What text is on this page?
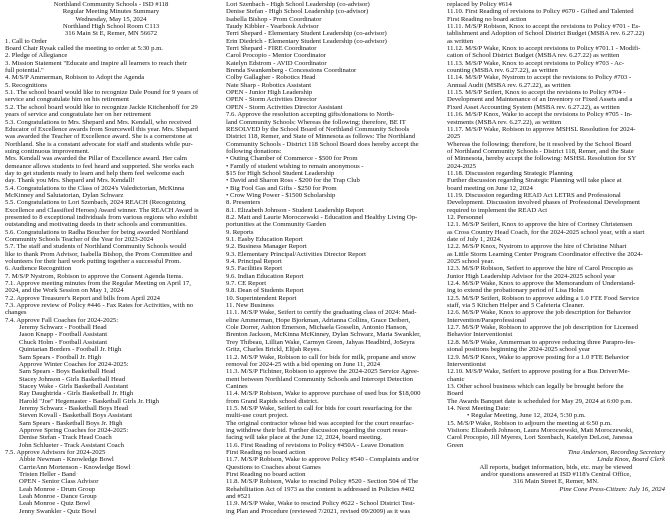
Northland Community Schools - ISD #118

Regular Meeting Minutes Summary

Wednesday, May 15, 2024

Northland High School Room C113

316 Main St E, Remer, MN 56672

1. Call to Order

Board Chair Rysak called the meeting to order at 5:30 p.m.

2. Pledge of Allegiance

3. Mission Statement "Educate and inspire all learners to reach their

full potential."

4. M/S/P Ammerman, Robison to Adopt the Agenda

5. Recognitions

5.1. The school board would like to recognize Dale Pound for 9 years of

service and congratulate him on his retirement

5.2. The school board would like to recognize Jackie Kitchenhoff for 29

years of service and congratulate her on her retirement

5.3. Congratulations to Mrs. Shepard and Mrs. Kendall, who received

Educator of Excellence awards from Sourcewell this year. Mrs. Shepard

was awarded the Teacher of Excellence award. She is a cornerstone at

Northland. She is a constant advocate for staff and students while pur-

suing continuous improvement.

Mrs. Kendall was awarded the Pillar of Excellence award. Her calm

demeanor allows students to feel heard and supported. She works each

day to get students ready to learn and help them feel welcome each

day. Thank you Mrs. Shepard and Mrs. Kendall!

5.4. Congratulations to the Class of 2024's Valedictorian, McKinna

McKinney and Salutatorian, Dylan Schwarz

5.5. Congratulations to Lori Szenbach, 2024 REACH (Recognizing

Excellence and Classified Heroes) Award winner. The REACH Award is

presented to 8 exceptional individuals from various regions who exhibit

outstanding and motivating deeds in their schools and communities.

5.6. Congratulations to Radha Boucher for being awarded Northland

Community Schools Teacher of the Year for 2023-2024

5.7. The staff and students of Northland Community Schools would

like to thank Prom Advisor, Isabella Bishop, the Prom Committee and

volunteers for their hard work putting together a successful Prom.

6. Audience Recognition

7. M/S/P Nystrom, Robison to approve the Consent Agenda Items.

7.1. Approve meeting minutes from the Regular Meeting on April 17,

2024, and the Work Session on May 1, 2024

7.2. Approve Treasurer's Report and bills from April 2024

7.3. Approve review of Policy #446 - Fax Rates for Activities, with no

changes

7.4. Approve Fall Coaches for 2024-2025:

Jeremy Schwarz - Football Head

Jason Knapp - Football Assistant

Chuck Holm - Football Assistant

Quintarian Borders - Football Jr. High

Sam Spears - Football Jr. High

Approve Winter Coaches for 2024-2025:

Sam Spears - Boys Basketball Head

Stacey Johnson - Girls Basketball Head

Stacey Wake - Girls Basketball Assistant

Ray Daughtrida - Girls Basketball Jr. High

Harold "Joe" Hegemaster - Basketball Girls Jr. High

Jeremy Schwarz - Basketball Boys Head

Steven Kovall - Basketball Boys Assistant

Sam Spears - Basketball Boys Jr. High

Approve Spring Coaches for 2024-2025:

Denise Stefan - Track Head Coach

John Schlueter - Track Assistant Coach

7.5. Approve Advisors for 2024-2025

Abbie Newman - Knowledge Bowl

CarrieAnn Mortenson - Knowledge Bowl

Tristen Heller - Band

OPEN - Senior Class Advisor

Leah Monroe - Drum Group

Leah Monroe - Dance Group

Leah Monroe - Quiz Bowl

Jenny Swankler - Quiz Bowl

Lori Szenbach - High School Leadership (co-advisor)

Denise Stefan - High School Leadership (co-advisor)

Isabella Bishop - Prom Coordinator

Taudy Kibbler - Yearbook Advisor

Terri Shepard - Elementary Student Leadership (co-advisor)

Erin Diedrich - Elementary Student Leadership (co-advisor)

Terri Shepard - FIRE Coordinator

Carol Procopio - Mentor Coordinator

Katelyn Edstrom - AVID Coordinator

Brenda Swankenberg - Concessions Coordinator

Colby Gallagher - Robotics Head

Nate Sharp - Robotics Assistant

OPEN - Junior High Leadership

OPEN - Storm Activities Director

OPEN - Storm Activities Director Assistant

7.6. Approve the resolution accepting gifts/donations to North-

land Community Schools: Whereas the following; therefore, BE IT

RESOLVED by the School Board of Northland Community Schools

District 118, Remer, and State of Minnesota as follows: The Northland

Community Schools - District 118 School Board does hereby accept the

following donations:

• Outing Chamber of Commerce - $500 for Prom

• Family of student wishing to remain anonymous -

$15 for High School Student Leadership

• David and Sharon Ross - $200 for the Trap Club

• Big Fool Gas and Gifts - $250 for Prom

• Crow Wing Power - $1500 Scholarship

8. Presenters

8.1. Elizabeth Johnson - Student Leadership Report

8.2. Matt and Laurie Moroczewski - Education and Healthy Living Op-

portunities at the Community Garden

9. Reports

9.1. Easby Education Report

9.2. Business Manager Report

9.3. Elementary Principal/Activities Director Report

9.4. Principal Report

9.5. Facilities Report

9.6. Indian Education Report

9.7. CE Report

9.8. Dean of Students Report

10. Superintendent Report

11. New Business

11.1. M/S/P Wake, Seifert to certify the graduating class of 2024: Mad-

eline Ammerman, Hope Bjorkman, Adrianna Collins, Grace Deibert,

Cole Dorrer, Ashton Emerson, Michaela Gosselin, Antonio Hanson,

Brenton Jackson, McKinna McKinney, Dylan Schwarz, Maria Swankler,

Trey Thibeau, Lillian Wake, Carmyn Green, Jahyas Headbird, JoSeyra

Gritz, Charles Brickl, Elijah Reyes.

11.2. M/S/P Wake, Robison to call for bids for milk, propane and snow

removal for 2024-25 with a bid opening on June 11, 2024

11.3. M/S/P Fichtner, Robison to approve the 2024-2025 Service Agree-

ment between Northland Community Schools and Intercept Detection

Canines

11.4. M/S/P Robison, Wake to approve purchase of used bus for $18,000

from Grand Rapids school district.

11.5. M/S/P Wake, Seifert to call for bids for court resurfacing for the

multi-use court project.

The original contractor whose bid was accepted for the court resurfac-

ing withdrew their bid. Further discussion regarding the court resur-

facing will take place at the June 12, 2024, board meeting.

11.6. First Reading of revisions to Policy #450A - Leave Donation

First Reading no board action

11.7. M/S/P Robison, Wake to approve Policy #540 - Complaints and/or

Questions to Coaches about Games

First Reading no board action

11.8. M/S/P Robison, Wake to rescind Policy #520 - Section 504 of The

Rehabilitation Act of 1973 as the content is addressed in Policies #402

and #521

11.9. M/S/P Wake, Wake to rescind Policy #622 - School District Test-

ing Plan and Procedure (reviewed 7/2021, revised 09/2009) as it was

replaced by Policy #614

11.10. First Reading of revisions to Policy #670 - Gifted and Talented

First Reading no board action

11.11. M/S/P Robison, Knox to accept the revisions to Policy #701 - Es-

tablishment and Adoption of School District Budget (MSBA rev. 6.27.22)

as written

11.12. M/S/P Wake, Knox to accept revisions to Policy #701.1 - Modifi-

cation of School District Budget (MSBA rev. 6.27.22) as written

11.13. M/S/P Wake, Knox to accept revisions to Policy #703 - Ac-

counting (MSBA rev. 6.27.22), as written

11.14. M/S/P Wake, Nystrom to accept the revisions to Policy #703 -

Annual Audit (MSBA rev. 6.27.22), as written

11.15. M/S/P Seifert, Knox to accept the revisions to Policy #704 -

Development and Maintenance of an Inventory or Fixed Assets and a

Fixed Asset Accounting System (MSBA rev. 6.27.22), as written

11.16. M/S/P Knox, Wake to accept the revisions to Policy #705 - In-

vestments (MSBA rev. 6.27.22), as written

11.17. M/S/P Wake, Robison to approve MSHSL Resolution for 2024-

2025

Whereas the following; therefore, be it resolved by the School Board

of Northland Community Schools - District 118, Remer, and the State

of Minnesota, hereby accept the following: MSHSL Resolution for SY

2024-2025

11.18. Discussion regarding Strategic Planning

Further discussion regarding Strategic Planning will take place at

board meeting on June 12, 2024

11.19. Discussion regarding READ Act LETRS and Professional

Development. Discussion involved phases of Professional Development

required to implement the READ Act

12. Personnel

12.1. M/S/P Seifert, Knox to approve the hire of Cortney Christensen

as Cross Country Head Coach, for the 2024-2025 school year, with a start

date of July 1, 2024.

12.2. M/S/P Knox, Nystrom to approve the hire of Christine Nihart

as Little Storm Learning Center Program Coordinator effective the 2024-

2025 school year.

12.3. M/S/P Robison, Seifert to approve the hire of Carol Procopio as

Junior High Leadership Advisor for the 2024-2025 school year

12.4. M/S/P Wake, Knox to approve the Memorandum of Understand-

ing to extend the probationary period of Lisa Holm

12.5. M/S/P Seifert, Robison to approve adding a 1.0 FTE Food Service

staff, via 5 Kitchen Helper and 5 Cafeteria Cleaner.

12.6. M/S/P Wake, Knox to approve the job description for Behavior

Intervention/Paraprofessional

12.7. M/S/P Wake, Robison to approve the job description for Licensed

Behavior Interventionist

12.8. M/S/P Wake, Ammerman to approve reducing three Parapro-fes-

sional positions beginning the 2024-2025 school year

12.9. M/S/P Knox, Wake to approve posting for a 1.0 FTE Behavior

Interventionist

12.10. M/S/P Wake, Seifert to approve posting for a Bus Driver/Me-

chanic

13. Other school business which can legally be brought before the

Board

The Awards Banquet date is scheduled for May 29, 2024 at 6:00 p.m.

14. Next Meeting Date:

• Regular Meeting, June 12, 2024, 5:30 p.m.

15. M/S/P Wake, Robison to adjourn the meeting at 6:50 p.m.

Visitors: Elizabeth Johnson, Laura Moroczewski, Matt Moroczewski,

Carol Procopio, Jill Myeres, Lori Szenbach, Katelyn DeLost, Janessa

Green

Tina Anderson, Recording Secretary

Linda Knox, Board Clerk

All reports, budget information, bids, etc. may be viewed

and/or questions answered at ISD #118's Central Office,

316 Main Street E, Remer, MN.

Pine Cone Press-Citizen: July 16, 2024
